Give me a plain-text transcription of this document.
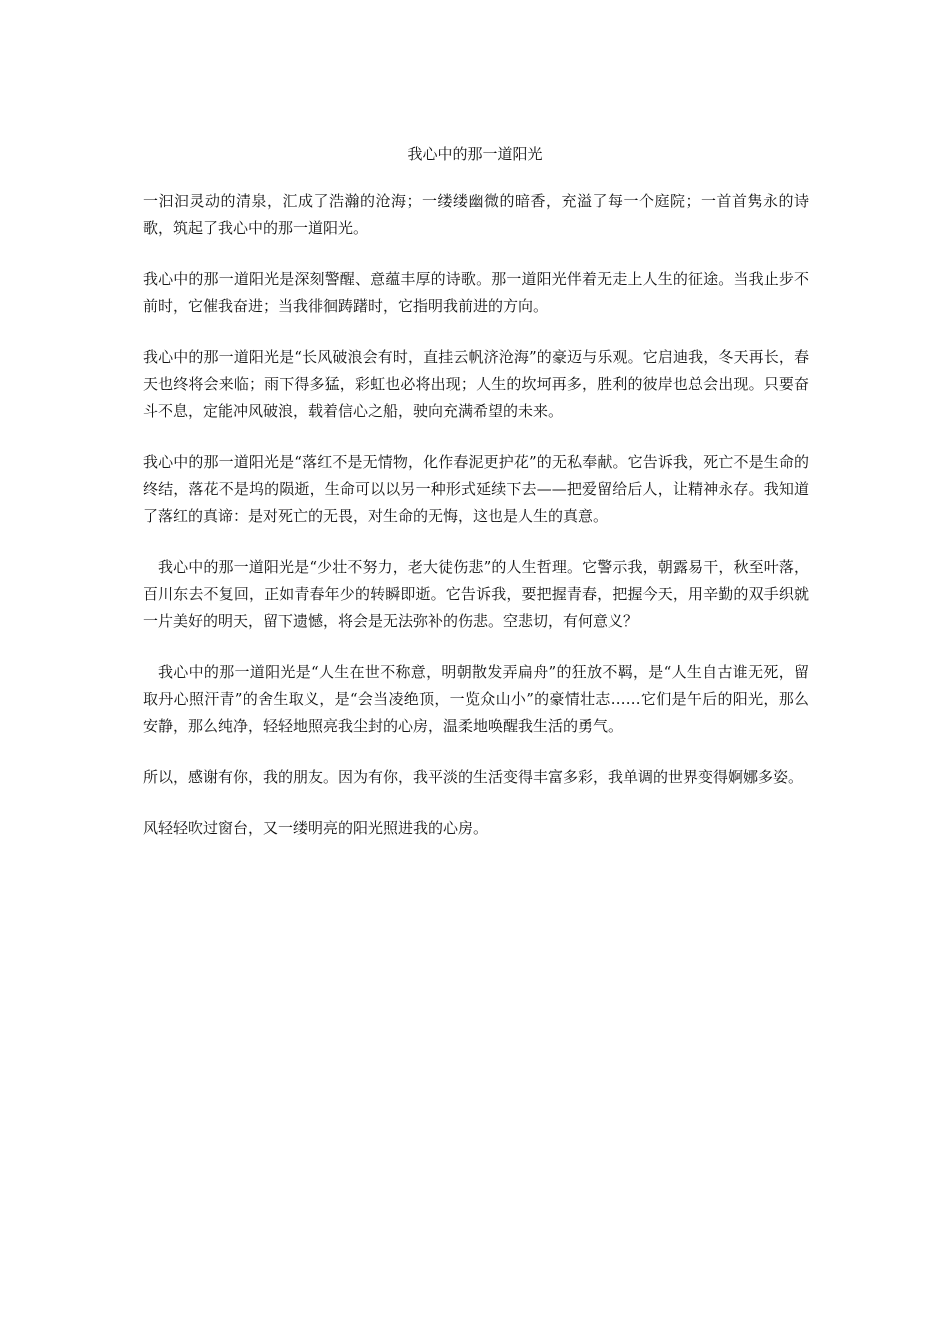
我心中的那一道阳光

一汩汩灵动的清泉，汇成了浩瀚的沧海；一缕缕幽微的暗香，充溢了每一个庭院；一首首隽永的诗歌，筑起了我心中的那一道阳光。

我心中的那一道阳光是深刻警醒、意蕴丰厚的诗歌。那一道阳光伴着无走上人生的征途。当我止步不前时，它催我奋进；当我徘徊踌躇时，它指明我前进的方向。

我心中的那一道阳光是“长风破浪会有时，直挂云帆济沧海”的豪迈与乐观。它启迪我，冬天再长，春天也终将会来临；雨下得多猛，彩虹也必将出现；人生的坎坷再多，胜利的彼岸也总会出现。只要奋斗不息，定能冲风破浪，载着信心之船，驶向充满希望的未来。

我心中的那一道阳光是“落红不是无情物，化作春泥更护花”的无私奉献。它告诉我，死亡不是生命的终结，落花不是坞的陨逝，生命可以以另一种形式延续下去——把爱留给后人，让精神永存。我知道了落红的真谛：是对死亡的无畏，对生命的无悔，这也是人生的真意。

我心中的那一道阳光是“少壮不努力，老大徒伤悲”的人生哲理。它警示我，朝露易干，秋至叶落，百川东去不复回，正如青春年少的转瞬即逝。它告诉我，要把握青春，把握今天，用辛勤的双手织就一片美好的明天，留下遗憾，将会是无法弥补的伤悲。空悲切，有何意义？

我心中的那一道阳光是“人生在世不称意，明朝散发弄扁舟”的狂放不羁，是“人生自古谁无死，留取丹心照汗青”的舍生取义，是“会当凌绝顶，一览众山小”的豪情壮志……它们是午后的阳光，那么安静，那么纯净，轻轻地照亮我尘封的心房，温柔地唤醒我生活的勇气。

所以，感谢有你，我的朋友。因为有你，我平淡的生活变得丰富多彩，我单调的世界变得婀娜多姿。

风轻轻吹过窗台，又一缕明亮的阳光照进我的心房。
